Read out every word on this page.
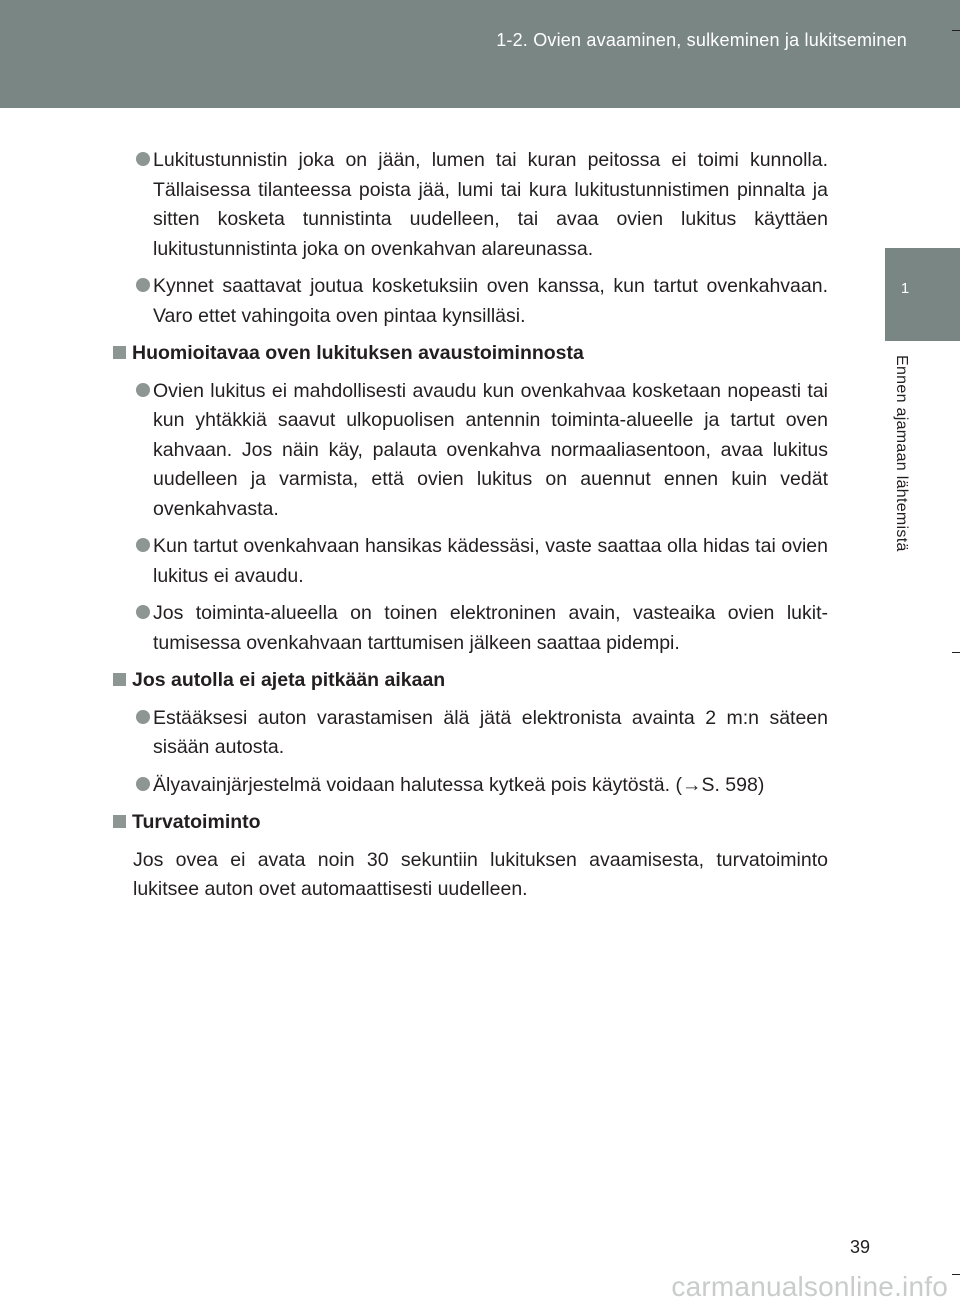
1-2. Ovien avaaminen, sulkeminen ja lukitseminen
1
Ennen ajamaan lähtemistä
Lukitustunnistin joka on jään, lumen tai kuran peitossa ei toimi kunnolla. Tällaisessa tilanteessa poista jää, lumi tai kura lukitustunnistimen pinnalta ja sitten kosketa tunnistinta uudelleen, tai avaa ovien lukitus käyttäen lukitustunnistinta joka on ovenkahvan alareunassa.
Kynnet saattavat joutua kosketuksiin oven kanssa, kun tartut ovenkahvaan. Varo ettet vahingoita oven pintaa kynsilläsi.
Huomioitavaa oven lukituksen avaustoiminnosta
Ovien lukitus ei mahdollisesti avaudu kun ovenkahvaa kosketaan nopeasti tai kun yhtäkkiä saavut ulkopuolisen antennin toiminta-alueelle ja tartut oven kahvaan. Jos näin käy, palauta ovenkahva normaaliasentoon, avaa lukitus uudelleen ja varmista, että ovien lukitus on auennut ennen kuin vedät ovenkahvasta.
Kun tartut ovenkahvaan hansikas kädessäsi, vaste saattaa olla hidas tai ovien lukitus ei avaudu.
Jos toiminta-alueella on toinen elektroninen avain, vasteaika ovien lukittumisessa ovenkahvaan tarttumisen jälkeen saattaa pidempi.
Jos autolla ei ajeta pitkään aikaan
Estääksesi auton varastamisen älä jätä elektronista avainta 2 m:n säteen sisään autosta.
Älyavainjärjestelmä voidaan halutessa kytkeä pois käytöstä. (→S. 598)
Turvatoiminto
Jos ovea ei avata noin 30 sekuntiin lukituksen avaamisesta, turvatoiminto lukitsee auton ovet automaattisesti uudelleen.
39
carmanualsonline.info
